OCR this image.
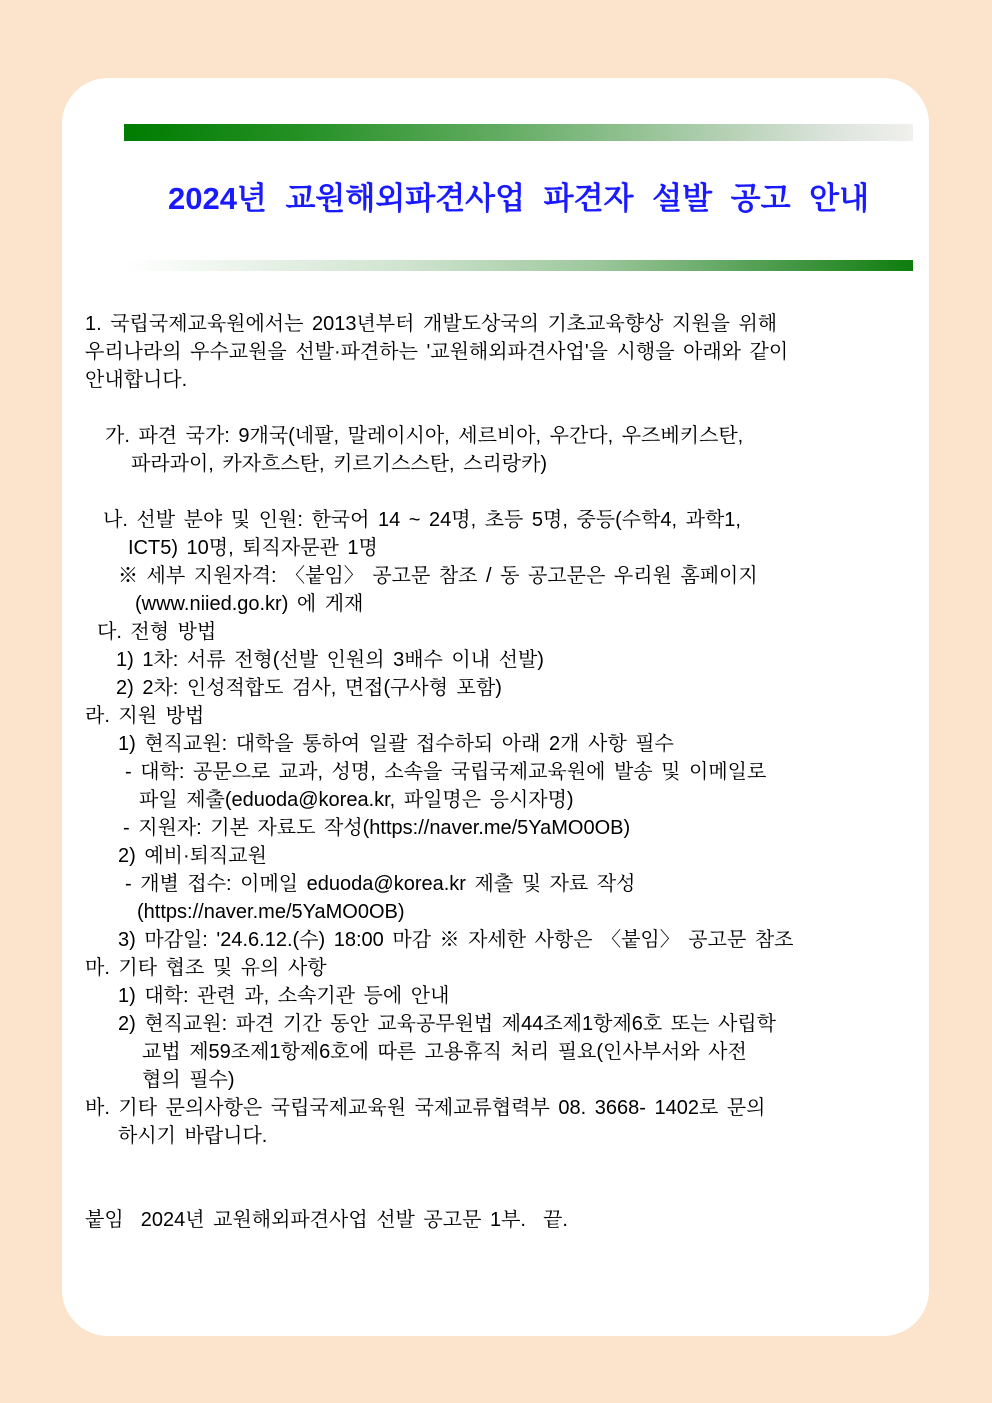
2024년 교원해외파견사업 파견자 설발 공고 안내
1. 국립국제교육원에서는 2013년부터 개발도상국의 기초교육향상 지원을 위해
우리나라의 우수교원을 선발·파견하는 '교원해외파견사업'을 시행을 아래와 같이
안내합니다.

가. 파견 국가: 9개국(네팔, 말레이시아, 세르비아, 우간다, 우즈베키스탄,
파라과이, 카자흐스탄, 키르기스스탄, 스리랑카)

나. 선발 분야 및 인원: 한국어 14 ~ 24명, 초등 5명, 중등(수학4, 과학1,
ICT5) 10명, 퇴직자문관 1명
※ 세부 지원자격: 〈붙임〉 공고문 참조 / 동 공고문은 우리원 홈페이지
(www.niied.go.kr) 에 게재
다. 전형 방법
1) 1차: 서류 전형(선발 인원의 3배수 이내 선발)
2) 2차: 인성적합도 검사, 면접(구사형 포함)
라. 지원 방법
1) 현직교원: 대학을 통하여 일괄 접수하되 아래 2개 사항 필수
- 대학: 공문으로 교과, 성명, 소속을 국립국제교육원에 발송 및 이메일로
파일 제출(eduoda@korea.kr, 파일명은 응시자명)
- 지원자: 기본 자료도 작성(https://naver.me/5YaMO0OB)
2) 예비·퇴직교원
- 개별 접수: 이메일 eduoda@korea.kr 제출 및 자료 작성
(https://naver.me/5YaMO0OB)
3) 마감일: '24.6.12.(수) 18:00 마감 ※ 자세한 사항은 〈붙임〉 공고문 참조
마. 기타 협조 및 유의 사항
1) 대학: 관련 과, 소속기관 등에 안내
2) 현직교원: 파견 기간 동안 교육공무원법 제44조제1항제6호 또는 사립학
교법 제59조제1항제6호에 따른 고용휴직 처리 필요(인사부서와 사전
협의 필수)
바. 기타 문의사항은 국립국제교육원 국제교류협력부 08. 3668- 1402로 문의
하시기 바랍니다.

붙임  2024년 교원해외파견사업 선발 공고문 1부.  끝.
